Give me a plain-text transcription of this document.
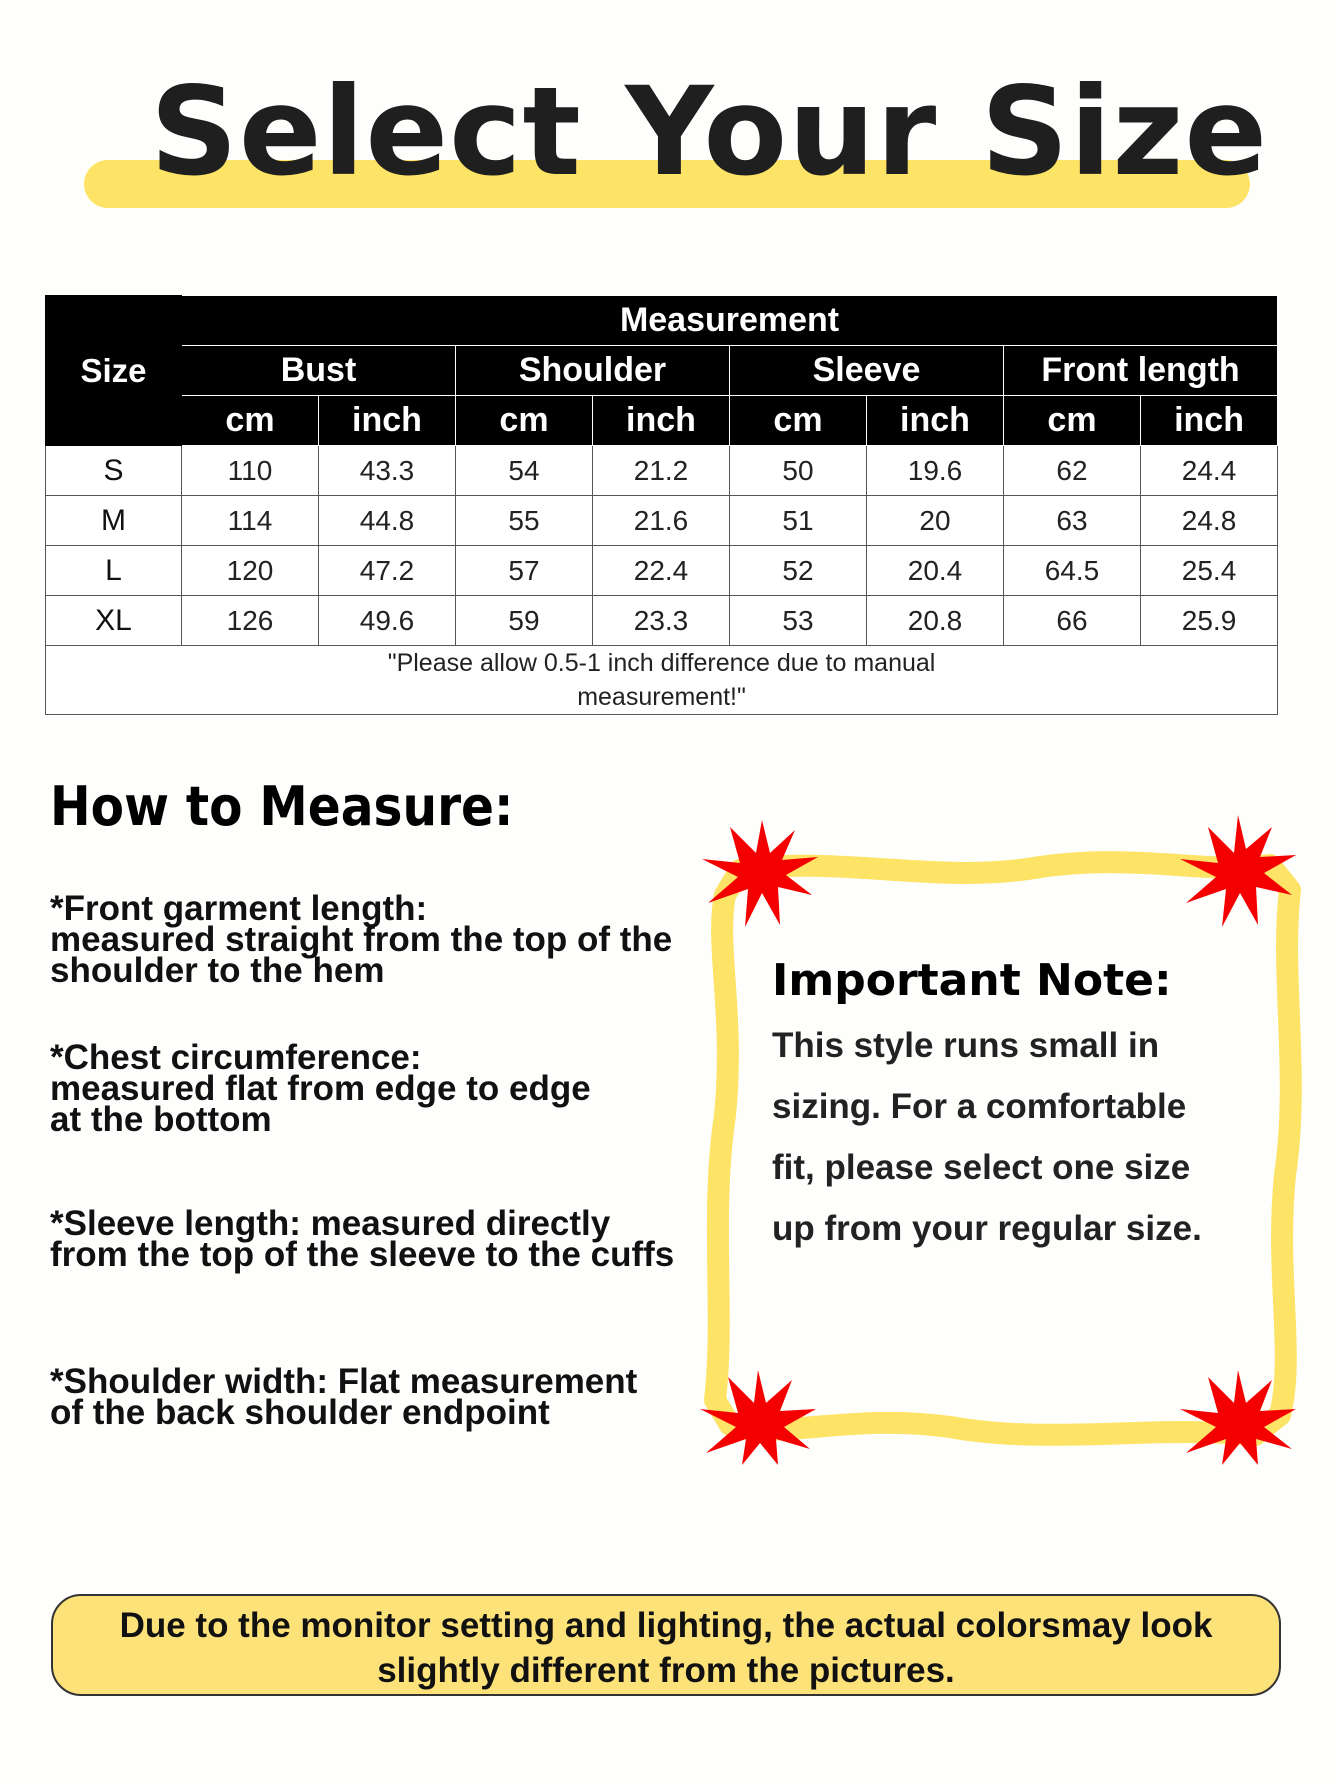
Select Your Size
Size	Measurement							
	Bust		Shoulder		Sleeve		Front length	
	cm	inch	cm	inch	cm	inch	cm	inch
S	110	43.3	54	21.2	50	19.6	62	24.4
M	114	44.8	55	21.6	51	20	63	24.8
L	120	47.2	57	22.4	52	20.4	64.5	25.4
XL	126	49.6	59	23.3	53	20.8	66	25.9
"Please allow 0.5-1 inch difference due to manual measurement!"								
How to Measure:
*Front garment length:
measured straight from the top of the
shoulder to the hem
*Chest circumference:
measured flat from edge to edge
at the bottom
*Sleeve length: measured directly
from the top of the sleeve to the cuffs
*Shoulder width: Flat measurement
of the back shoulder endpoint
Important Note:
This style runs small in
sizing. For a comfortable
fit, please select one size
up from your regular size.
Due to the monitor setting and lighting, the actual colorsmay look
slightly different from the pictures.
